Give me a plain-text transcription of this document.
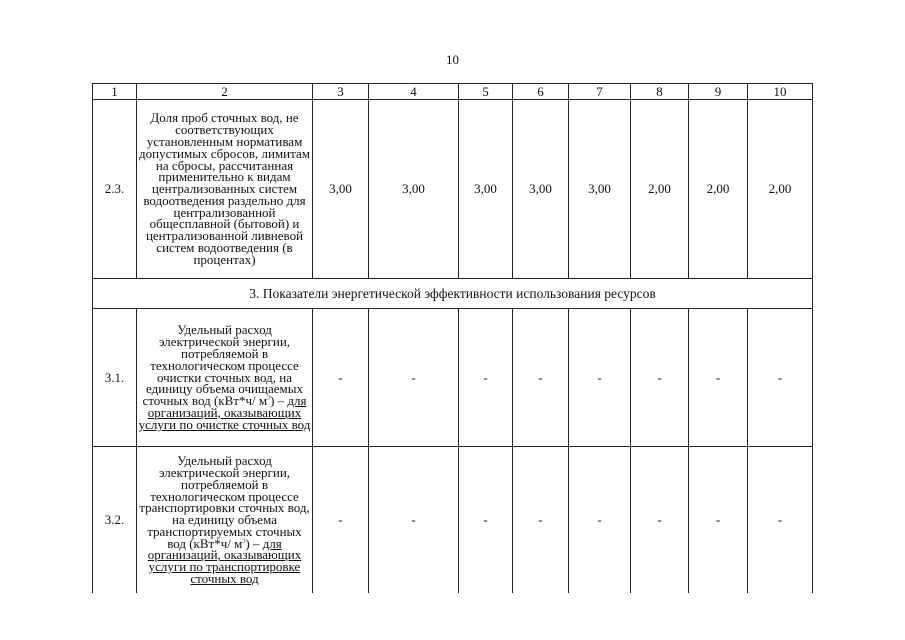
10
1	2	3	4	5	6	7	8	9	10
2.3.	Доля проб сточных вод, не соответствующих установленным нормативам допустимых сбросов, лимитам на сбросы, рассчитанная применительно к видам централизованных систем водоотведения раздельно для централизованной общесплавной (бытовой) и централизованной ливневой систем водоотведения (в процентах)	3,00	3,00	3,00	3,00	3,00	2,00	2,00	2,00
3. Показатели энергетической эффективности использования ресурсов									
3.1.	Удельный расход электрической энергии, потребляемой в технологическом процессе очистки сточных вод, на единицу объема очищаемых сточных вод (кВт*ч/ $м^3$) – для организаций, оказывающих услуги по очистке сточных вод	-	-	-	-	-	-	-	-
3.2.	Удельный расход электрической энергии, потребляемой в технологическом процессе транспортировки сточных вод, на единицу объема транспортируемых сточных вод (кВт*ч/ $м^3$) – для организаций, оказывающих услуги по транспортировке сточных вод	-	-	-	-	-	-	-	-
